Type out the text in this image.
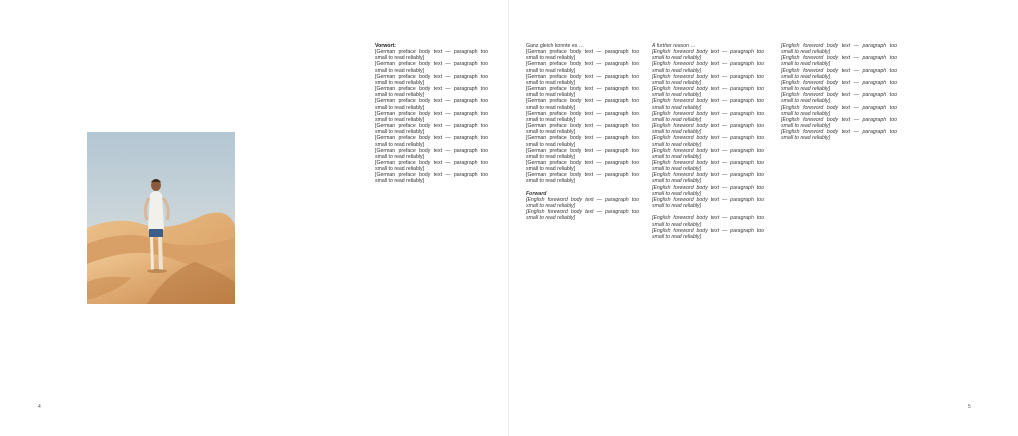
Vorwort:

[German preface body text — paragraph too small to read reliably]

[German preface body text — paragraph too small to read reliably]

[German preface body text — paragraph too small to read reliably]

[German preface body text — paragraph too small to read reliably]

[German preface body text — paragraph too small to read reliably]

[German preface body text — paragraph too small to read reliably]

[German preface body text — paragraph too small to read reliably]

[German preface body text — paragraph too small to read reliably]

[German preface body text — paragraph too small to read reliably]

[German preface body text — paragraph too small to read reliably]

[German preface body text — paragraph too small to read reliably]

Ganz gleich konnte es …

[German preface body text — paragraph too small to read reliably]

[German preface body text — paragraph too small to read reliably]

[German preface body text — paragraph too small to read reliably]

[German preface body text — paragraph too small to read reliably]

[German preface body text — paragraph too small to read reliably]

[German preface body text — paragraph too small to read reliably]

[German preface body text — paragraph too small to read reliably]

[German preface body text — paragraph too small to read reliably]

[German preface body text — paragraph too small to read reliably]

[German preface body text — paragraph too small to read reliably]

[German preface body text — paragraph too small to read reliably]

Forward

[English foreword body text — paragraph too small to read reliably]

[English foreword body text — paragraph too small to read reliably]

A further reason …

[English foreword body text — paragraph too small to read reliably]

[English foreword body text — paragraph too small to read reliably]

[English foreword body text — paragraph too small to read reliably]

[English foreword body text — paragraph too small to read reliably]

[English foreword body text — paragraph too small to read reliably]

[English foreword body text — paragraph too small to read reliably]

[English foreword body text — paragraph too small to read reliably]

[English foreword body text — paragraph too small to read reliably]

[English foreword body text — paragraph too small to read reliably]

[English foreword body text — paragraph too small to read reliably]

[English foreword body text — paragraph too small to read reliably]

[English foreword body text — paragraph too small to read reliably]

[English foreword body text — paragraph too small to read reliably]

[English foreword body text — paragraph too small to read reliably]

[English foreword body text — paragraph too small to read reliably]

[English foreword body text — paragraph too small to read reliably]

[English foreword body text — paragraph too small to read reliably]

[English foreword body text — paragraph too small to read reliably]

[English foreword body text — paragraph too small to read reliably]

[English foreword body text — paragraph too small to read reliably]

[English foreword body text — paragraph too small to read reliably]

[English foreword body text — paragraph too small to read reliably]

[English foreword body text — paragraph too small to read reliably]

4	5
